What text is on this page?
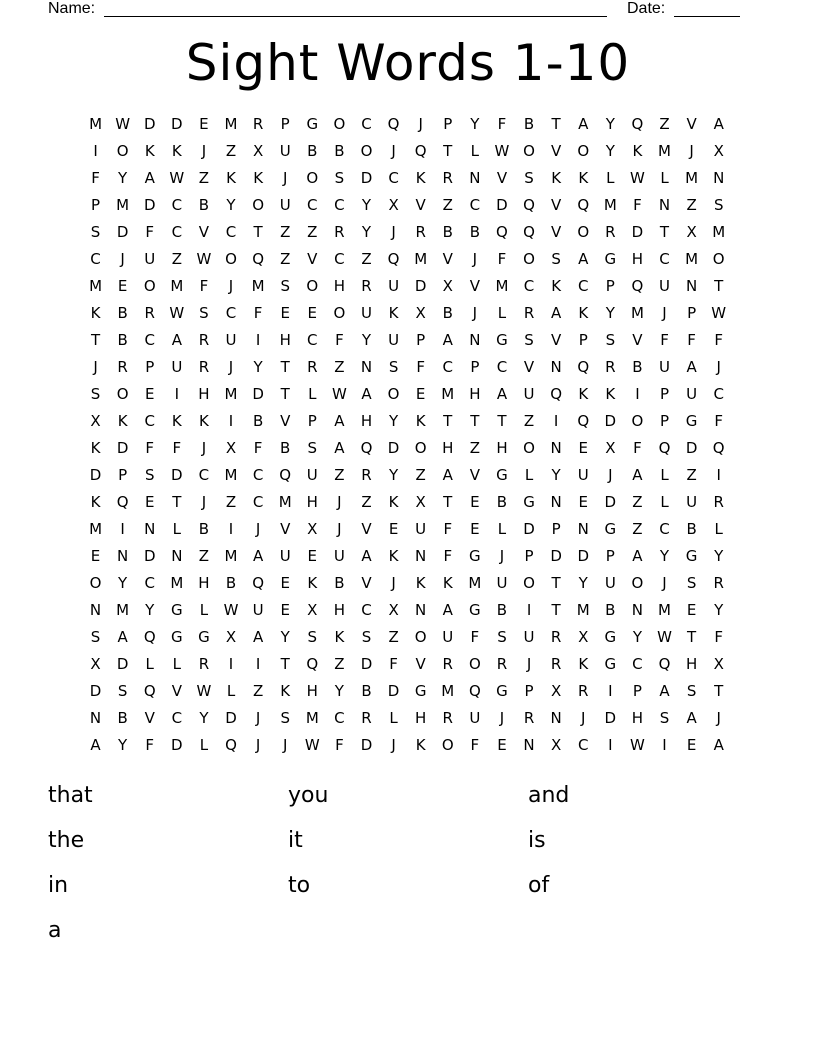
Name:	Date:
Sight Words 1-10
M W D	D	E	M	R	P	G	O	C	Q	J	P	Y	F	B	T	A	Y	Q	Z	V	A
I	O	K	K	J	Z	X	U	B	B	O	J	Q	T	L	W O	V	O	Y	K	M	J	X
F	Y	A W Z	K	K	J	O	S	D	C	K	R	N	V	S	K	K	L	W	L	M	N
P	M D	C	B	Y	O	U	C	C	Y	X	V	Z	C	D	Q	V	Q M	F	N	Z	S
S	D	F	C	V	C	T	Z	Z	R	Y	J	R	B	B	Q	Q	V	O	R	D	T	X	M
C	J	U	Z W O	Q	Z	V	C	Z	Q M	V	J	F	O	S	A	G	H	C	M O
M	E	O M	F	J	M	S	O	H	R	U	D	X	V	M	C	K	C	P	Q	U	N	T
K	B	R W S	C	F	E	E	O	U	K	X	B	J	L	R	A	K	Y	M	J	P	W
T	B	C	A	R	U	I	H	C	F	Y	U	P	A	N	G	S	V	P	S	V	F	F	F
J	R	P	U	R	J	Y	T	R	Z	N	S	F	C	P	C	V	N	Q	R	B	U	A	J
S	O	E	I	H M D	T	L	W A	O	E	M H	A	U	Q	K	K	I	P	U	C
X	K	C	K	K	I	B	V	P	A	H	Y	K	T	T	T	Z	I	Q	D	O	P	G	F
K	D	F	F	J	X	F	B	S	A	Q	D	O	H	Z	H	O	N	E	X	F	Q	D	Q
D	P	S	D	C	M	C	Q	U	Z	R	Y	Z	A	V	G	L	Y	U	J	A	L	Z	I
K	Q	E	T	J	Z	C	M H	J	Z	K	X	T	E	B	G	N	E	D	Z	L	U	R
M	I	N	L	B	I	J	V	X	J	V	E	U	F	E	L	D	P	N	G	Z	C	B	L
E	N	D	N	Z	M	A	U	E	U	A	K	N	F	G	J	P	D	D	P	A	Y	G	Y
O	Y	C	M H	B	Q	E	K	B	V	J	K	K	M	U	O	T	Y	U	O	J	S	R
N	M	Y	G	L	W U	E	X	H	C	X	N	A	G	B	I	T	M	B	N	M	E	Y
S	A	Q	G	G	X	A	Y	S	K	S	Z	O	U	F	S	U	R	X	G	Y	W	T	F
X	D	L	L	R	I	I	T	Q	Z	D	F	V	R	O	R	J	R	K	G	C	Q	H	X
D	S	Q	V W	L	Z	K	H	Y	B	D	G M Q	G	P	X	R	I	P	A	S	T
N	B	V	C	Y	D	J	S	M	C	R	L	H	R	U	J	R	N	J	D	H	S	A	J
A	Y	F	D	L	Q	J	J	W	F	D	J	K	O	F	E	N	X	C	I	W	I	E	A
that	you	and
the	it	is
in	to	of
a
